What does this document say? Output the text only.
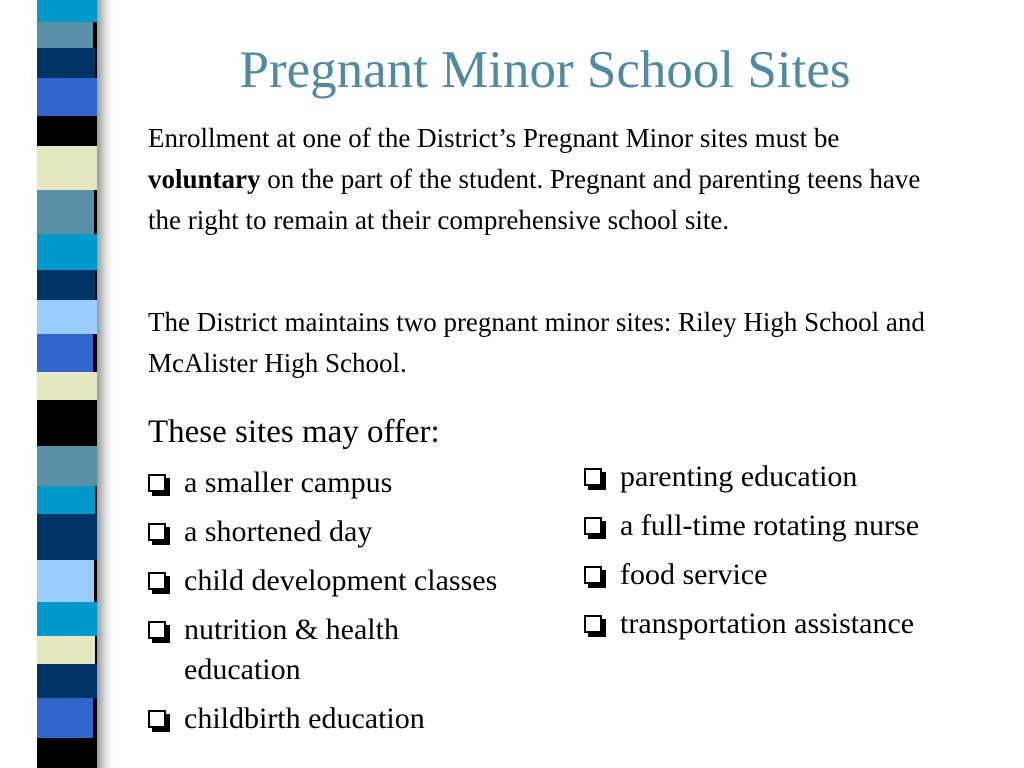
Pregnant Minor School Sites

Enrollment at one of the District’s Pregnant Minor sites must be voluntary on the part of the student. Pregnant and parenting teens have the right to remain at their comprehensive school site.

The District maintains two pregnant minor sites: Riley High School and McAlister High School.

These sites may offer:

a smaller campus
a shortened day
child development classes
nutrition & health education
childbirth education
parenting education
a full-time rotating nurse
food service
transportation assistance
